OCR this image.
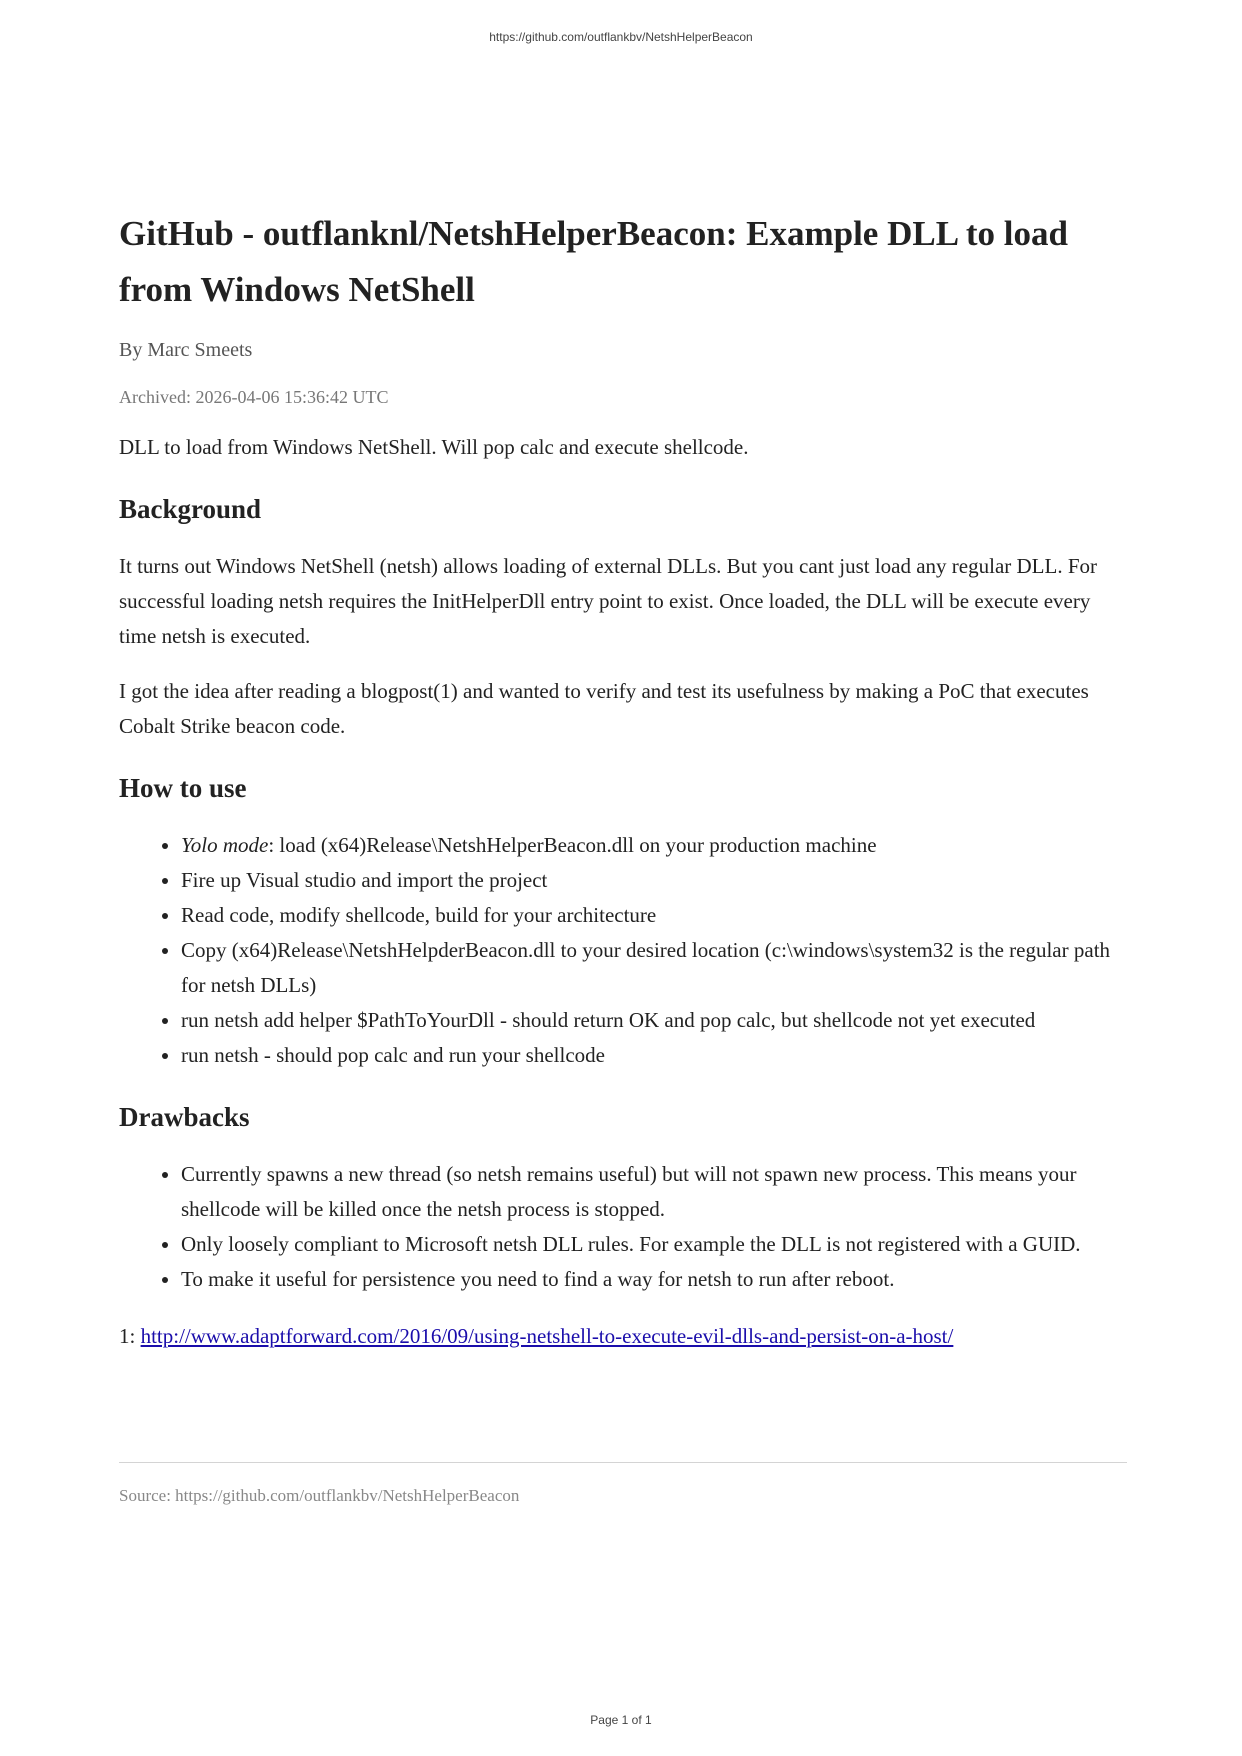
https://github.com/outflankbv/NetshHelperBeacon
GitHub - outflanknl/NetshHelperBeacon: Example DLL to load from Windows NetShell
By Marc Smeets
Archived: 2026-04-06 15:36:42 UTC

DLL to load from Windows NetShell. Will pop calc and execute shellcode.

Background

It turns out Windows NetShell (netsh) allows loading of external DLLs. But you cant just load any regular DLL. For successful loading netsh requires the InitHelperDll entry point to exist. Once loaded, the DLL will be execute every time netsh is executed.

I got the idea after reading a blogpost(1) and wanted to verify and test its usefulness by making a PoC that executes Cobalt Strike beacon code.

How to use
• Yolo mode: load (x64)Release\NetshHelperBeacon.dll on your production machine
• Fire up Visual studio and import the project
• Read code, modify shellcode, build for your architecture
• Copy (x64)Release\NetshHelpderBeacon.dll to your desired location (c:\windows\system32 is the regular path for netsh DLLs)
• run netsh add helper $PathToYourDll - should return OK and pop calc, but shellcode not yet executed
• run netsh - should pop calc and run your shellcode
Drawbacks
• Currently spawns a new thread (so netsh remains useful) but will not spawn new process. This means your shellcode will be killed once the netsh process is stopped.
• Only loosely compliant to Microsoft netsh DLL rules. For example the DLL is not registered with a GUID.
• To make it useful for persistence you need to find a way for netsh to run after reboot.

1: http://www.adaptforward.com/2016/09/using-netshell-to-execute-evil-dlls-and-persist-on-a-host/

Source: https://github.com/outflankbv/NetshHelperBeacon
Page 1 of 1
